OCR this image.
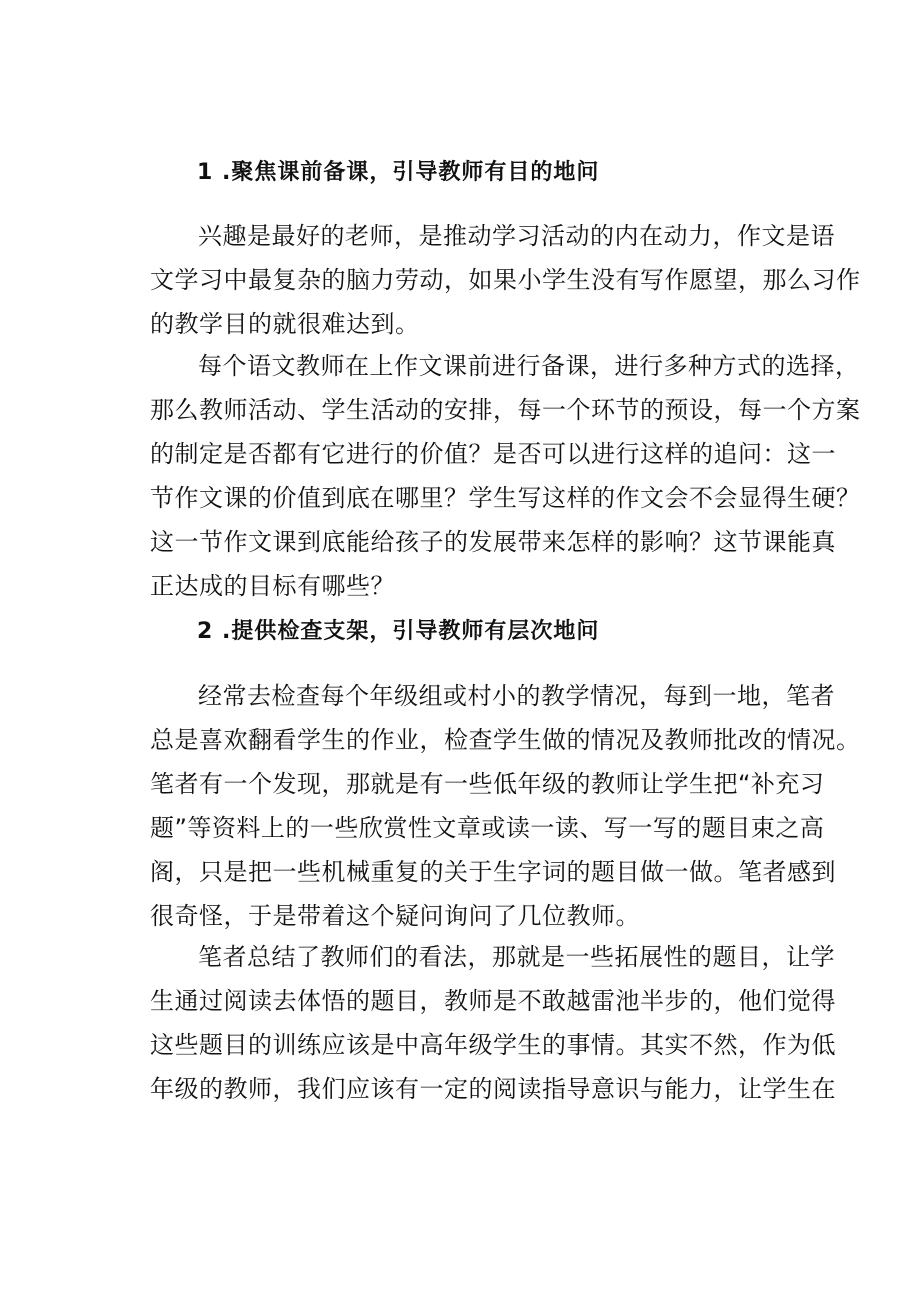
1 .聚焦课前备课，引导教师有目的地问
兴趣是最好的老师，是推动学习活动的内在动力，作文是语
文学习中最复杂的脑力劳动，如果小学生没有写作愿望，那么习作
的教学目的就很难达到。
每个语文教师在上作文课前进行备课，进行多种方式的选择，
那么教师活动、学生活动的安排，每一个环节的预设，每一个方案
的制定是否都有它进行的价值？是否可以进行这样的追问：这一
节作文课的价值到底在哪里？学生写这样的作文会不会显得生硬？
这一节作文课到底能给孩子的发展带来怎样的影响？这节课能真
正达成的目标有哪些？
2 .提供检查支架，引导教师有层次地问
经常去检查每个年级组或村小的教学情况，每到一地，笔者
总是喜欢翻看学生的作业，检查学生做的情况及教师批改的情况。
笔者有一个发现，那就是有一些低年级的教师让学生把“补充习
题”等资料上的一些欣赏性文章或读一读、写一写的题目束之高
阁，只是把一些机械重复的关于生字词的题目做一做。笔者感到
很奇怪，于是带着这个疑问询问了几位教师。
笔者总结了教师们的看法，那就是一些拓展性的题目，让学
生通过阅读去体悟的题目，教师是不敢越雷池半步的，他们觉得
这些题目的训练应该是中高年级学生的事情。其实不然，作为低
年级的教师，我们应该有一定的阅读指导意识与能力，让学生在
